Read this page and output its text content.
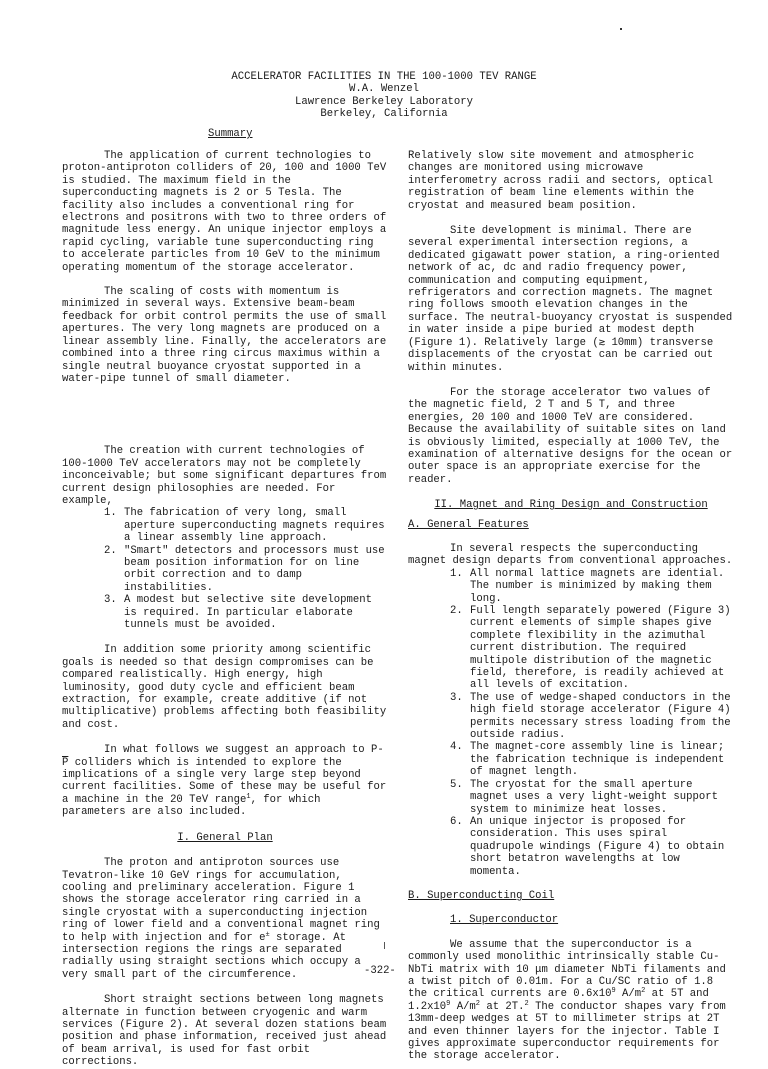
ACCELERATOR FACILITIES IN THE 100-1000 TEV RANGE
W.A. Wenzel
Lawrence Berkeley Laboratory
Berkeley, California
Summary

The application of current technologies to proton-antiproton colliders of 20, 100 and 1000 TeV is studied. The maximum field in the superconducting magnets is 2 or 5 Tesla. The facility also includes a conventional ring for electrons and positrons with two to three orders of magnitude less energy. An unique injector employs a rapid cycling, variable tune superconducting ring to accelerate particles from 10 GeV to the minimum operating momentum of the storage accelerator.

The scaling of costs with momentum is minimized in several ways. Extensive beam-beam feedback for orbit control permits the use of small apertures. The very long magnets are produced on a linear assembly line. Finally, the accelerators are combined into a three ring circus maximus within a single neutral buoyance cryostat supported in a water-pipe tunnel of small diameter.

The creation with current technologies of 100-1000 TeV accelerators may not be completely inconceivable; but some significant departures from current design philosophies are needed. For example,

1. The fabrication of very long, small aperture superconducting magnets requires a linear assembly line approach.
2. "Smart" detectors and processors must use beam position information for on line orbit correction and to damp instabilities.
3. A modest but selective site development is required. In particular elaborate tunnels must be avoided.

In addition some priority among scientific goals is needed so that design compromises can be compared realistically. High energy, high luminosity, good duty cycle and efficient beam extraction, for example, create additive (if not multiplicative) problems affecting both feasibility and cost.

In what follows we suggest an approach to $P-\overline{P}$ colliders which is intended to explore the implications of a single very large step beyond current facilities. Some of these may be useful for a machine in the 20 TeV range$^1$, for which parameters are also included.

I. General Plan

The proton and antiproton sources use Tevatron-like 10 GeV rings for accumulation, cooling and preliminary acceleration. Figure 1 shows the storage accelerator ring carried in a single cryostat with a superconducting injection ring of lower field and a conventional magnet ring to help with injection and for e± storage. At intersection regions the rings are separated radially using straight sections which occupy a very small part of the circumference.

Short straight sections between long magnets alternate in function between cryogenic and warm services (Figure 2). At several dozen stations beam position and phase information, received just ahead of beam arrival, is used for fast orbit corrections.

Relatively slow site movement and atmospheric changes are monitored using microwave interferometry across radii and sectors, optical registration of beam line elements within the cryostat and measured beam position.

Site development is minimal. There are several experimental intersection regions, a dedicated gigawatt power station, a ring-oriented network of ac, dc and radio frequency power, communication and computing equipment, refrigerators and correction magnets. The magnet ring follows smooth elevation changes in the surface. The neutral-buoyancy cryostat is suspended in water inside a pipe buried at modest depth (Figure 1). Relatively large (≳ 10mm) transverse displacements of the cryostat can be carried out within minutes.

For the storage accelerator two values of the magnetic field, 2 T and 5 T, and three energies, 20 100 and 1000 TeV are considered. Because the availability of suitable sites on land is obviously limited, especially at 1000 TeV, the examination of alternative designs for the ocean or outer space is an appropriate exercise for the reader.

II. Magnet and Ring Design and Construction
A. General Features

In several respects the superconducting magnet design departs from conventional approaches.

1. All normal lattice magnets are idential. The number is minimized by making them long.
2. Full length separately powered (Figure 3) current elements of simple shapes give complete flexibility in the azimuthal current distribution. The required multipole distribution of the magnetic field, therefore, is readily achieved at all levels of excitation.
3. The use of wedge-shaped conductors in the high field storage accelerator (Figure 4) permits necessary stress loading from the outside radius.
4. The magnet-core assembly line is linear; the fabrication technique is independent of magnet length.
5. The cryostat for the small aperture magnet uses a very light-weight support system to minimize heat losses.
6. An unique injector is proposed for consideration. This uses spiral quadrupole windings (Figure 4) to obtain short betatron wavelengths at low momenta.
B. Superconducting Coil
1. Superconductor

We assume that the superconductor is a commonly used monolithic intrinsically stable Cu-NbTi matrix with 10 μm diameter NbTi filaments and a twist pitch of 0.01m. For a Cu/SC ratio of 1.8 the critical currents are $0.6x10^9$ $A/m^2$ at 5T and $1.2x10^9$ $A/m^2$ at 2T.$^2$ The conductor shapes vary from 13mm-deep wedges at 5T to millimeter strips at 2T and even thinner layers for the injector. Table I gives approximate superconductor requirements for the storage accelerator.

-322-
